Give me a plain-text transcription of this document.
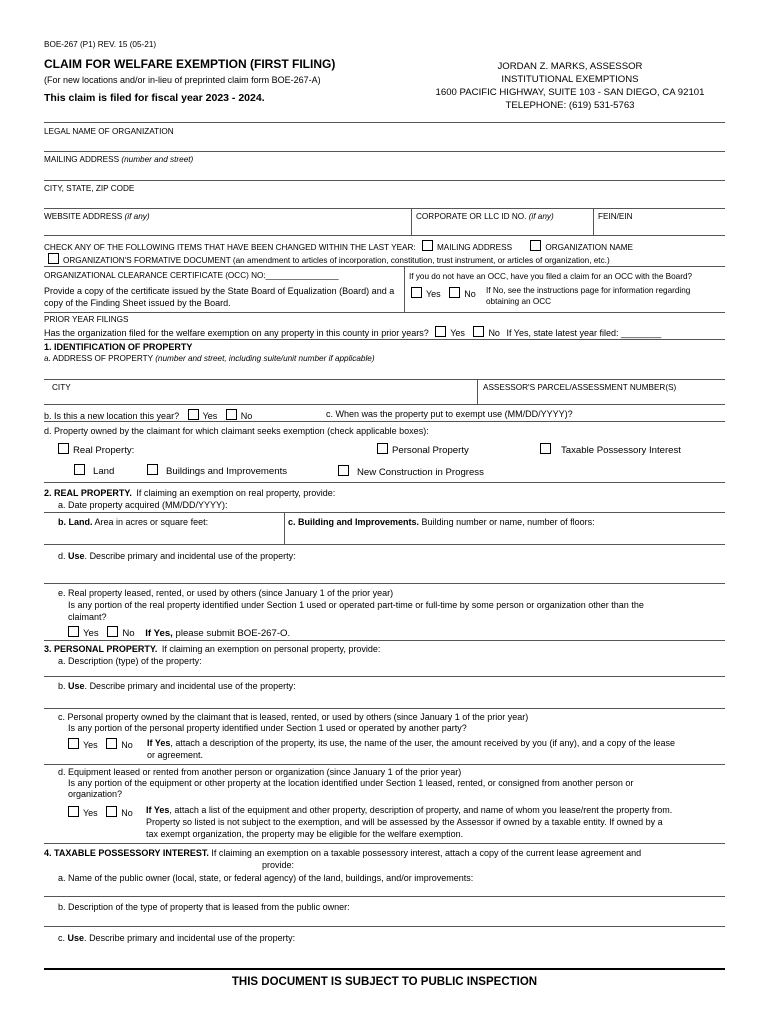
BOE-267 (P1) REV. 15 (05-21)
CLAIM FOR WELFARE EXEMPTION (FIRST FILING)
(For new locations and/or in-lieu of preprinted claim form BOE-267-A)
This claim is filed for fiscal year 2023 - 2024.
JORDAN Z. MARKS, ASSESSOR
INSTITUTIONAL EXEMPTIONS
1600 PACIFIC HIGHWAY, SUITE 103 - SAN DIEGO, CA 92101
TELEPHONE: (619) 531-5763
LEGAL NAME OF ORGANIZATION
MAILING ADDRESS (number and street)
CITY, STATE, ZIP CODE
WEBSITE ADDRESS (if any)	CORPORATE OR LLC ID NO. (if any)	FEIN/EIN
CHECK ANY OF THE FOLLOWING ITEMS THAT HAVE BEEN CHANGED WITHIN THE LAST YEAR:	MAILING ADDRESS	ORGANIZATION NAME
ORGANIZATION'S FORMATIVE DOCUMENT (an amendment to articles of incorporation, constitution, trust instrument, or articles of organization, etc.)
ORGANIZATIONAL CLEARANCE CERTIFICATE (OCC) NO:________________
Provide a copy of the certificate issued by the State Board of Equalization (Board) and a copy of the Finding Sheet issued by the Board.
If you do not have an OCC, have you filed a claim for an OCC with the Board?
Yes	No If No, see the instructions page for information regarding obtaining an OCC
PRIOR YEAR FILINGS
Has the organization filed for the welfare exemption on any property in this county in prior years? Yes	No If Yes, state latest year filed: ________
1. IDENTIFICATION OF PROPERTY
a. ADDRESS OF PROPERTY (number and street, including suite/unit number if applicable)
CITY	ASSESSOR'S PARCEL/ASSESSMENT NUMBER(S)
b. Is this a new location this year?	Yes	No	c. When was the property put to exempt use (MM/DD/YYYY)?
d. Property owned by the claimant for which claimant seeks exemption (check applicable boxes):
Real Property:	Personal Property	Taxable Possessory Interest
Land	Buildings and Improvements	New Construction in Progress
2. REAL PROPERTY. If claiming an exemption on real property, provide:
a. Date property acquired (MM/DD/YYYY):
b. Land. Area in acres or square feet:	c. Building and Improvements. Building number or name, number of floors:
d. Use. Describe primary and incidental use of the property:
e. Real property leased, rented, or used by others (since January 1 of the prior year)
Is any portion of the real property identified under Section 1 used or operated part-time or full-time by some person or organization other than the
claimant?
Yes No If Yes, please submit BOE-267-O.
3. PERSONAL PROPERTY. If claiming an exemption on personal property, provide:
a. Description (type) of the property:
b. Use. Describe primary and incidental use of the property:
c. Personal property owned by the claimant that is leased, rented, or used by others (since January 1 of the prior year)
Is any portion of the personal property identified under Section 1 used or operated by another party?
Yes	No If Yes, attach a description of the property, its use, the name of the user, the amount received by you (if any), and a copy of the lease
or agreement.
d. Equipment leased or rented from another person or organization (since January 1 of the prior year)
Is any portion of the equipment or other property at the location identified under Section 1 leased, rented, or consigned from another person or
organization?
Yes	No If Yes, attach a list of the equipment and other property, description of property, and name of whom you lease/rent the property from.
Property so listed is not subject to the exemption, and will be assessed by the Assessor if owned by a taxable entity. If owned by a
tax exempt organization, the property may be eligible for the welfare exemption.
4. TAXABLE POSSESSORY INTEREST. If claiming an exemption on a taxable possessory interest, attach a copy of the current lease agreement and
provide:
a. Name of the public owner (local, state, or federal agency) of the land, buildings, and/or improvements:
b. Description of the type of property that is leased from the public owner:
c. Use. Describe primary and incidental use of the property:
THIS DOCUMENT IS SUBJECT TO PUBLIC INSPECTION
